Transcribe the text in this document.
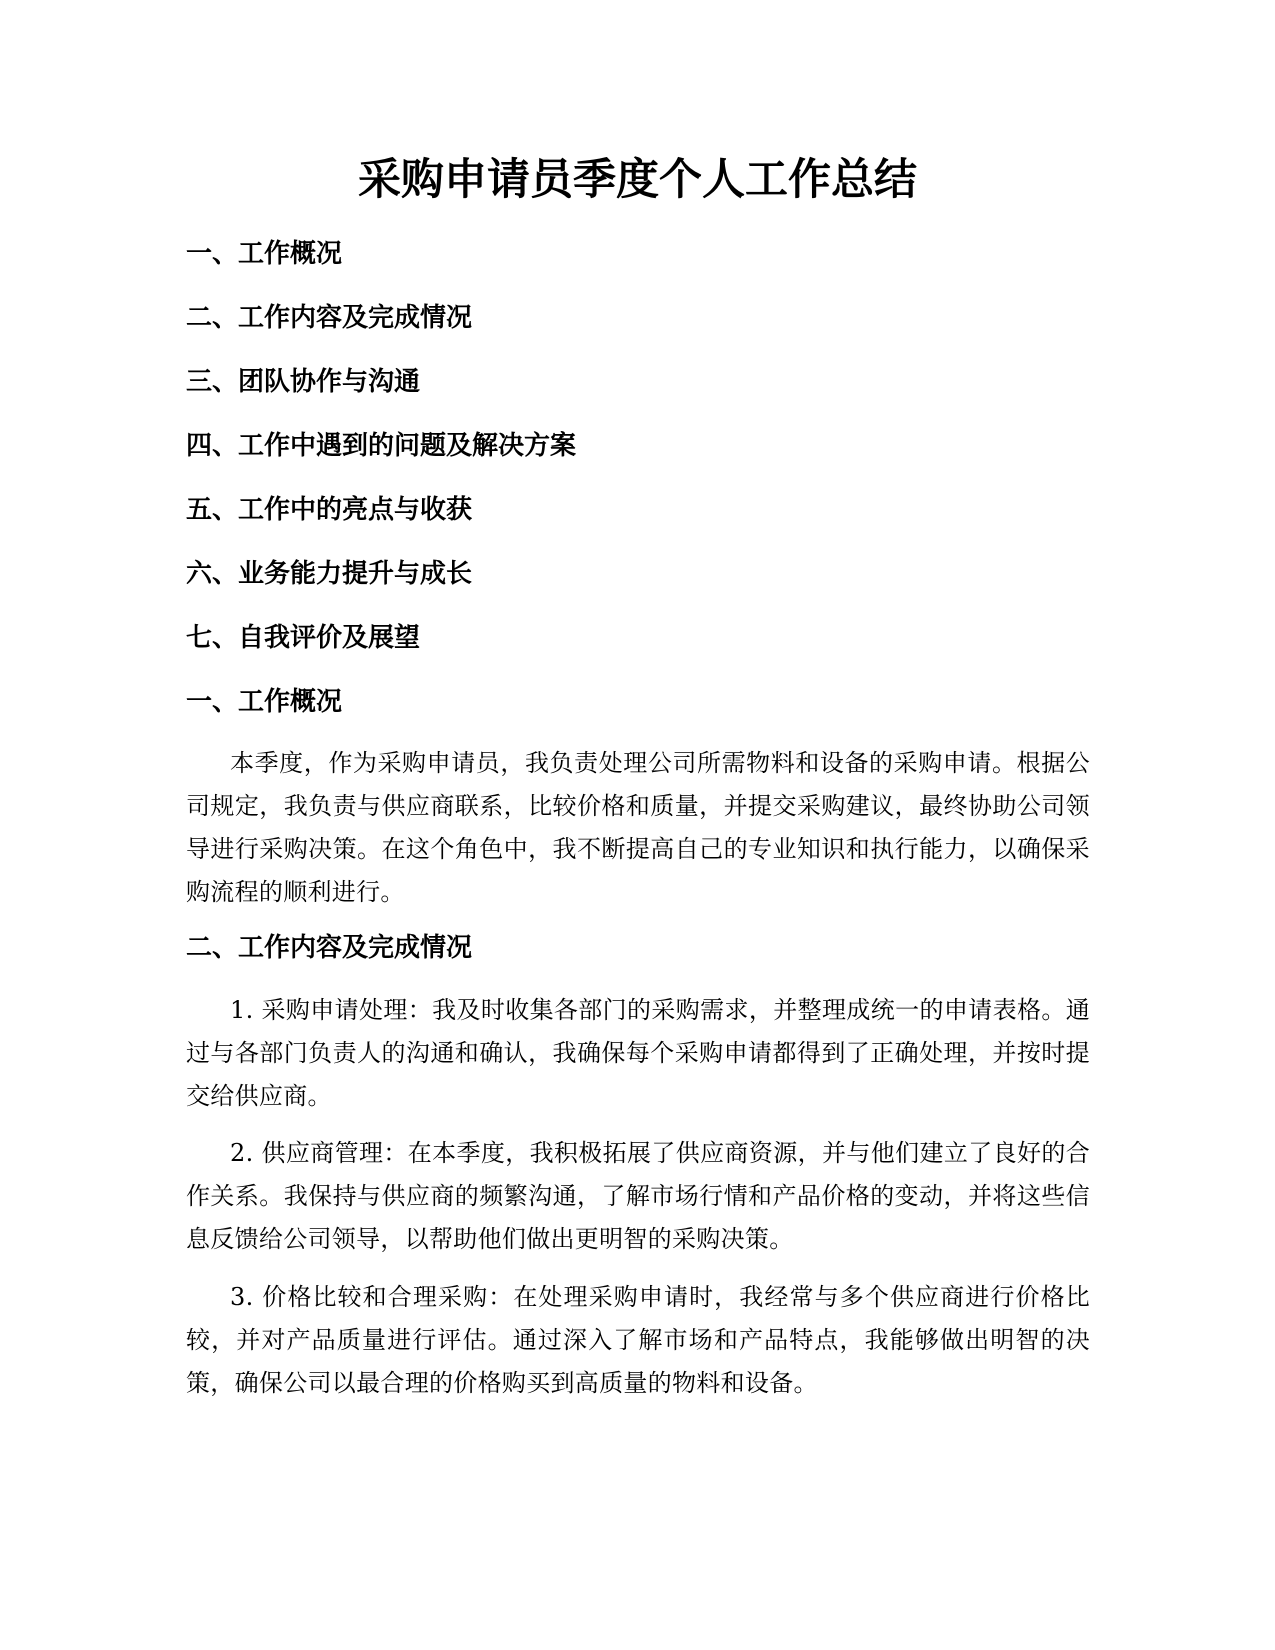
采购申请员季度个人工作总结
一、工作概况
二、工作内容及完成情况
三、团队协作与沟通
四、工作中遇到的问题及解决方案
五、工作中的亮点与收获
六、业务能力提升与成长
七、自我评价及展望
一、工作概况

本季度，作为采购申请员，我负责处理公司所需物料和设备的采购申请。根据公司规定，我负责与供应商联系，比较价格和质量，并提交采购建议，最终协助公司领导进行采购决策。在这个角色中，我不断提高自己的专业知识和执行能力，以确保采购流程的顺利进行。

二、工作内容及完成情况

1. 采购申请处理：我及时收集各部门的采购需求，并整理成统一的申请表格。通过与各部门负责人的沟通和确认，我确保每个采购申请都得到了正确处理，并按时提交给供应商。

2. 供应商管理：在本季度，我积极拓展了供应商资源，并与他们建立了良好的合作关系。我保持与供应商的频繁沟通，了解市场行情和产品价格的变动，并将这些信息反馈给公司领导，以帮助他们做出更明智的采购决策。

3. 价格比较和合理采购：在处理采购申请时，我经常与多个供应商进行价格比较，并对产品质量进行评估。通过深入了解市场和产品特点，我能够做出明智的决策，确保公司以最合理的价格购买到高质量的物料和设备。
